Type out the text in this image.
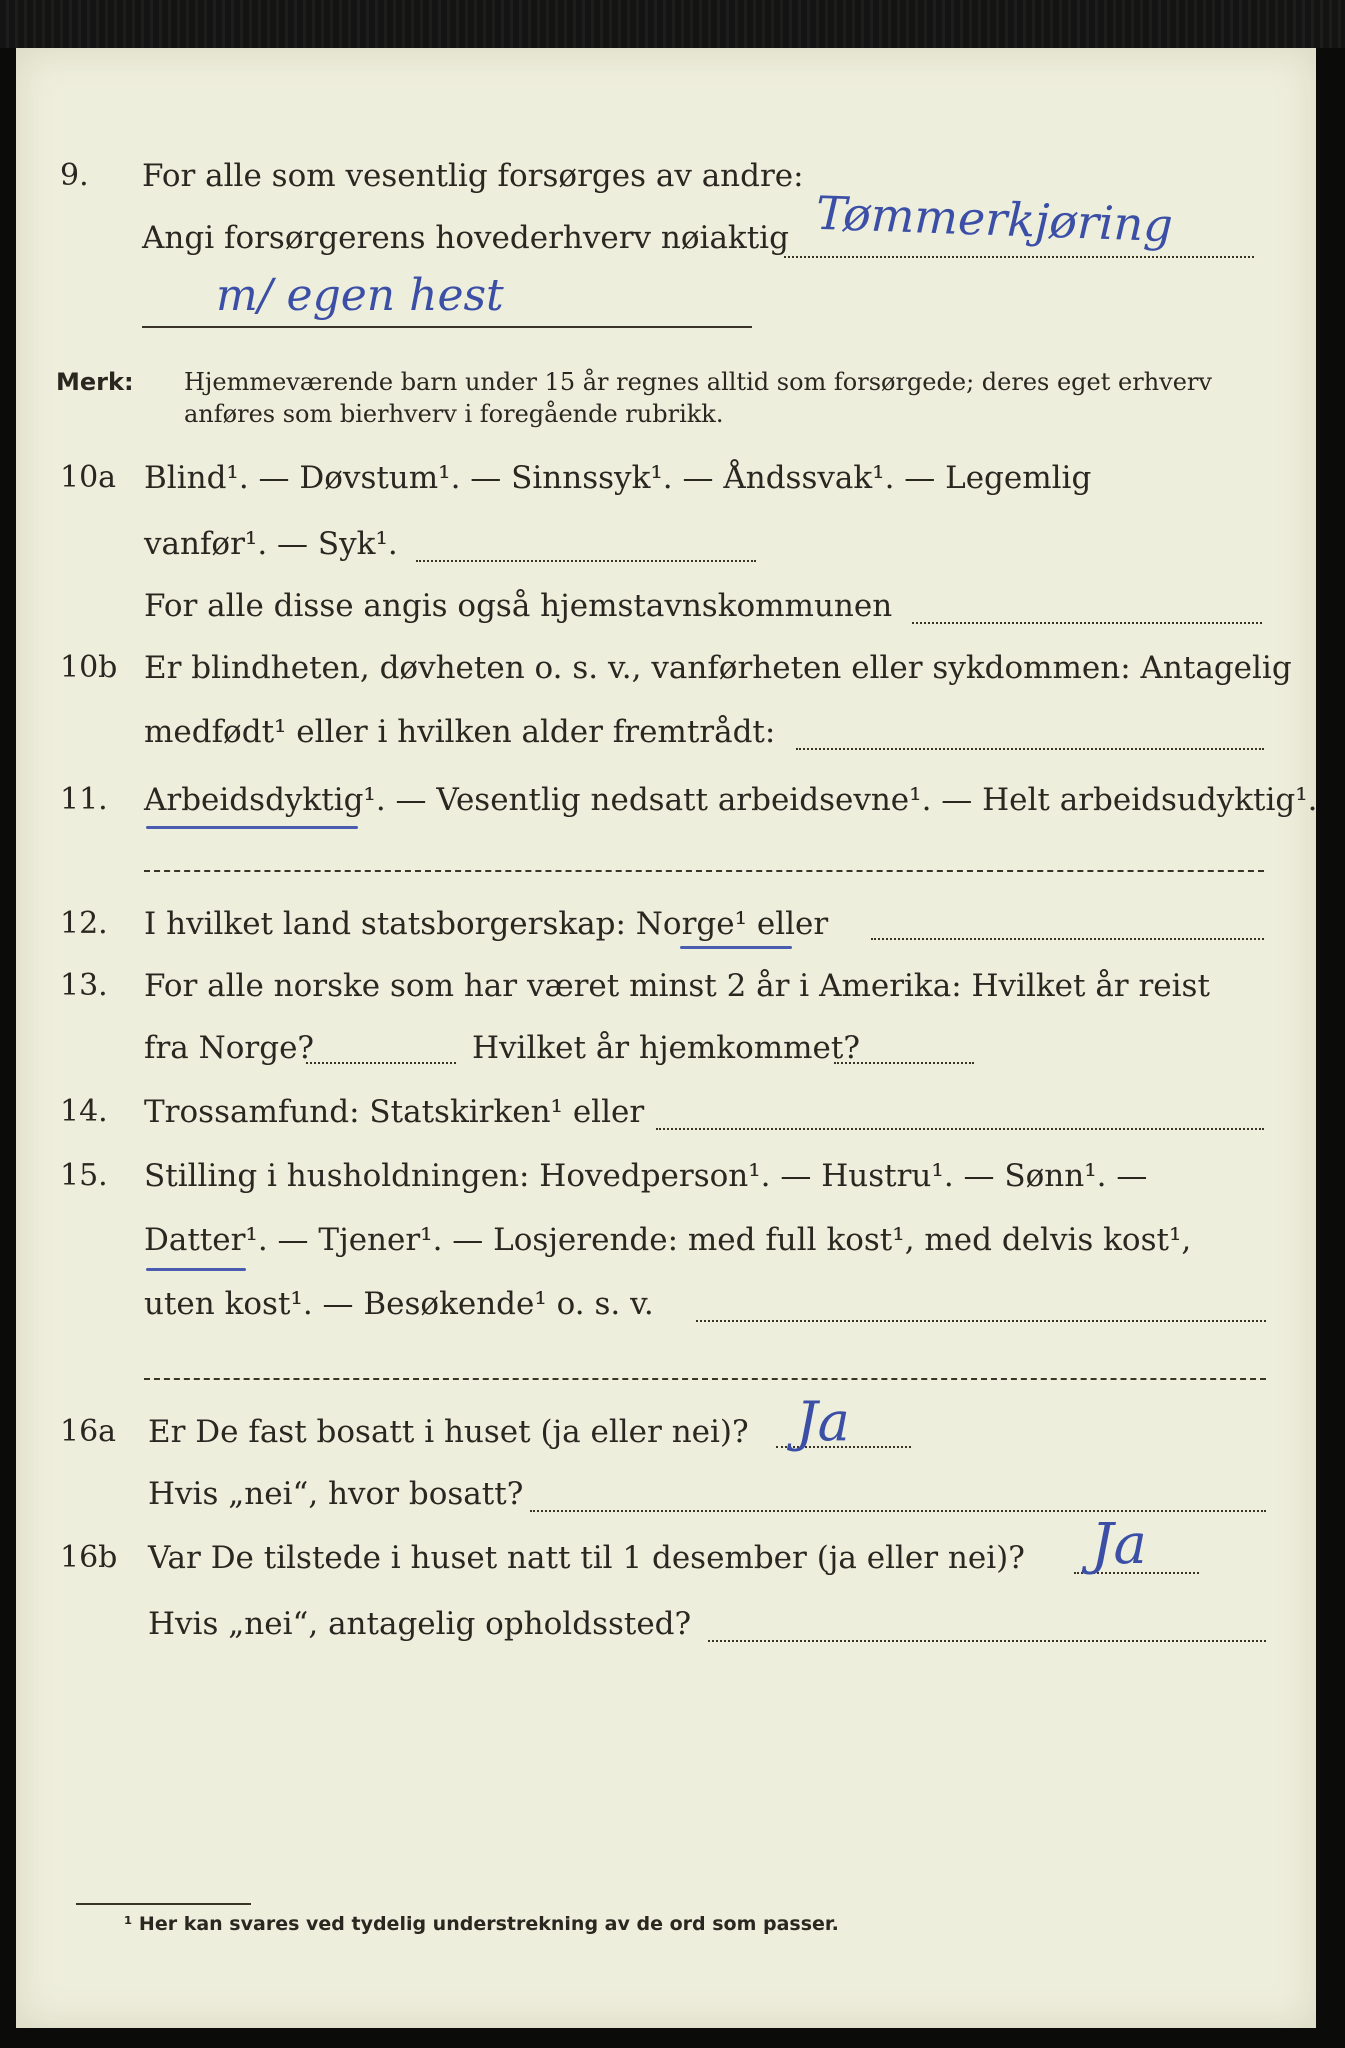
9. For alle som vesentlig forsørges av andre:
Angi forsørgerens hovederhverv nøiaktig Tømmerkjøring
m/ egen hest
Merk: Hjemmeværende barn under 15 år regnes alltid som forsørgede; deres eget erhverv
anføres som bierhverv i foregående rubrikk.
10a Blind¹. — Døvstum¹. — Sinnssyk¹. — Åndssvak¹. — Legemlig
vanfør¹. — Syk¹.
For alle disse angis også hjemstavnskommunen
10b Er blindheten, døvheten o. s. v., vanførheten eller sykdommen: Antagelig
medfødt¹ eller i hvilken alder fremtrådt:
11. Arbeidsdyktig¹. — Vesentlig nedsatt arbeidsevne¹. — Helt arbeidsudyktig¹.
12. I hvilket land statsborgerskap: Norge¹ eller
13. For alle norske som har været minst 2 år i Amerika: Hvilket år reist
fra Norge?	Hvilket år hjemkommet?
14. Trossamfund: Statskirken¹ eller
15. Stilling i husholdningen: Hovedperson¹. — Hustru¹. — Sønn¹. —
Datter¹. — Tjener¹. — Losjerende: med full kost¹, med delvis kost¹,
uten kost¹. — Besøkende¹ o. s. v.
16a Er De fast bosatt i huset (ja eller nei)? Ja
Hvis „nei“, hvor bosatt?
16b Var De tilstede i huset natt til 1 desember (ja eller nei)? Ja
Hvis „nei“, antagelig opholdssted?
¹ Her kan svares ved tydelig understrekning av de ord som passer.
